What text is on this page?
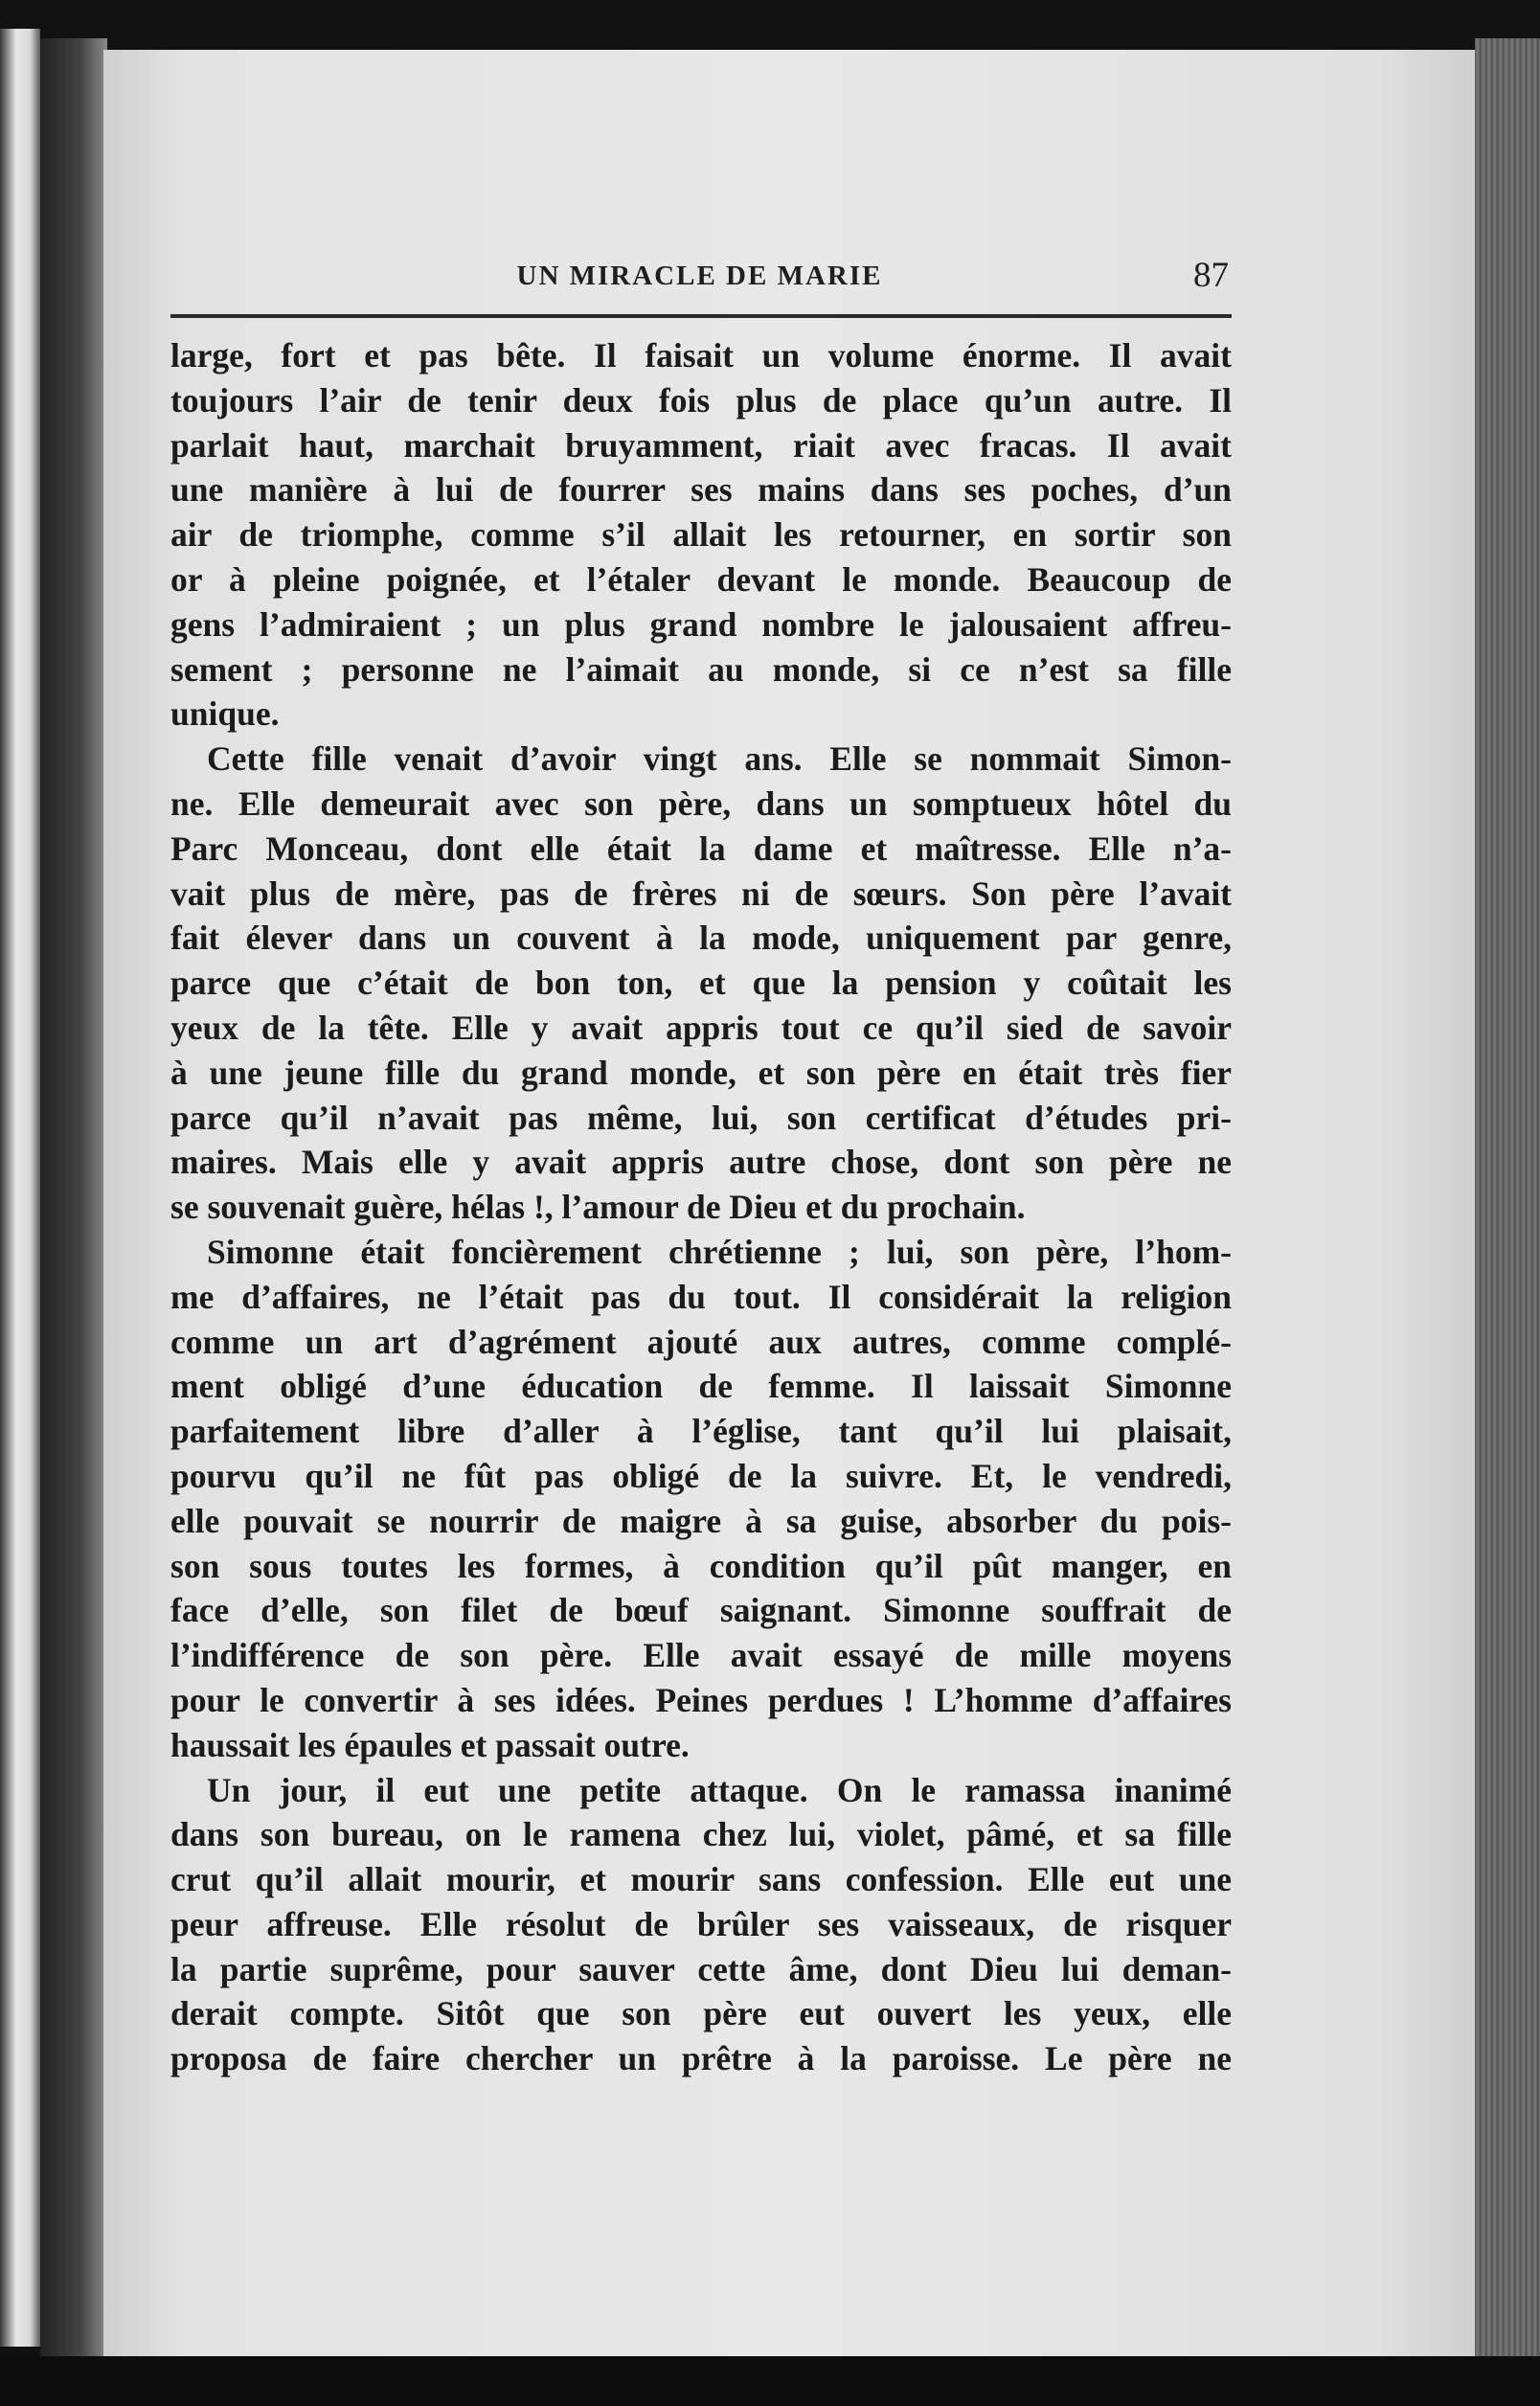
UN MIRACLE DE MARIE	87
large, fort et pas bête. Il faisait un volume énorme. Il avait
toujours l’air de tenir deux fois plus de place qu’un autre. Il
parlait haut, marchait bruyamment, riait avec fracas. Il avait
une manière à lui de fourrer ses mains dans ses poches, d’un
air de triomphe, comme s’il allait les retourner, en sortir son
or à pleine poignée, et l’étaler devant le monde. Beaucoup de
gens l’admiraient ; un plus grand nombre le jalousaient affreu-
sement ; personne ne l’aimait au monde, si ce n’est sa fille
unique.
Cette fille venait d’avoir vingt ans. Elle se nommait Simon-
ne. Elle demeurait avec son père, dans un somptueux hôtel du
Parc Monceau, dont elle était la dame et maîtresse. Elle n’a-
vait plus de mère, pas de frères ni de sœurs. Son père l’avait
fait élever dans un couvent à la mode, uniquement par genre,
parce que c’était de bon ton, et que la pension y coûtait les
yeux de la tête. Elle y avait appris tout ce qu’il sied de savoir
à une jeune fille du grand monde, et son père en était très fier
parce qu’il n’avait pas même, lui, son certificat d’études pri-
maires. Mais elle y avait appris autre chose, dont son père ne
se souvenait guère, hélas !, l’amour de Dieu et du prochain.
Simonne était foncièrement chrétienne ; lui, son père, l’hom-
me d’affaires, ne l’était pas du tout. Il considérait la religion
comme un art d’agrément ajouté aux autres, comme complé-
ment obligé d’une éducation de femme. Il laissait Simonne
parfaitement libre d’aller à l’église, tant qu’il lui plaisait,
pourvu qu’il ne fût pas obligé de la suivre. Et, le vendredi,
elle pouvait se nourrir de maigre à sa guise, absorber du pois-
son sous toutes les formes, à condition qu’il pût manger, en
face d’elle, son filet de bœuf saignant. Simonne souffrait de
l’indifférence de son père. Elle avait essayé de mille moyens
pour le convertir à ses idées. Peines perdues ! L’homme d’affaires
haussait les épaules et passait outre.
Un jour, il eut une petite attaque. On le ramassa inanimé
dans son bureau, on le ramena chez lui, violet, pâmé, et sa fille
crut qu’il allait mourir, et mourir sans confession. Elle eut une
peur affreuse. Elle résolut de brûler ses vaisseaux, de risquer
la partie suprême, pour sauver cette âme, dont Dieu lui deman-
derait compte. Sitôt que son père eut ouvert les yeux, elle
proposa de faire chercher un prêtre à la paroisse. Le père ne
